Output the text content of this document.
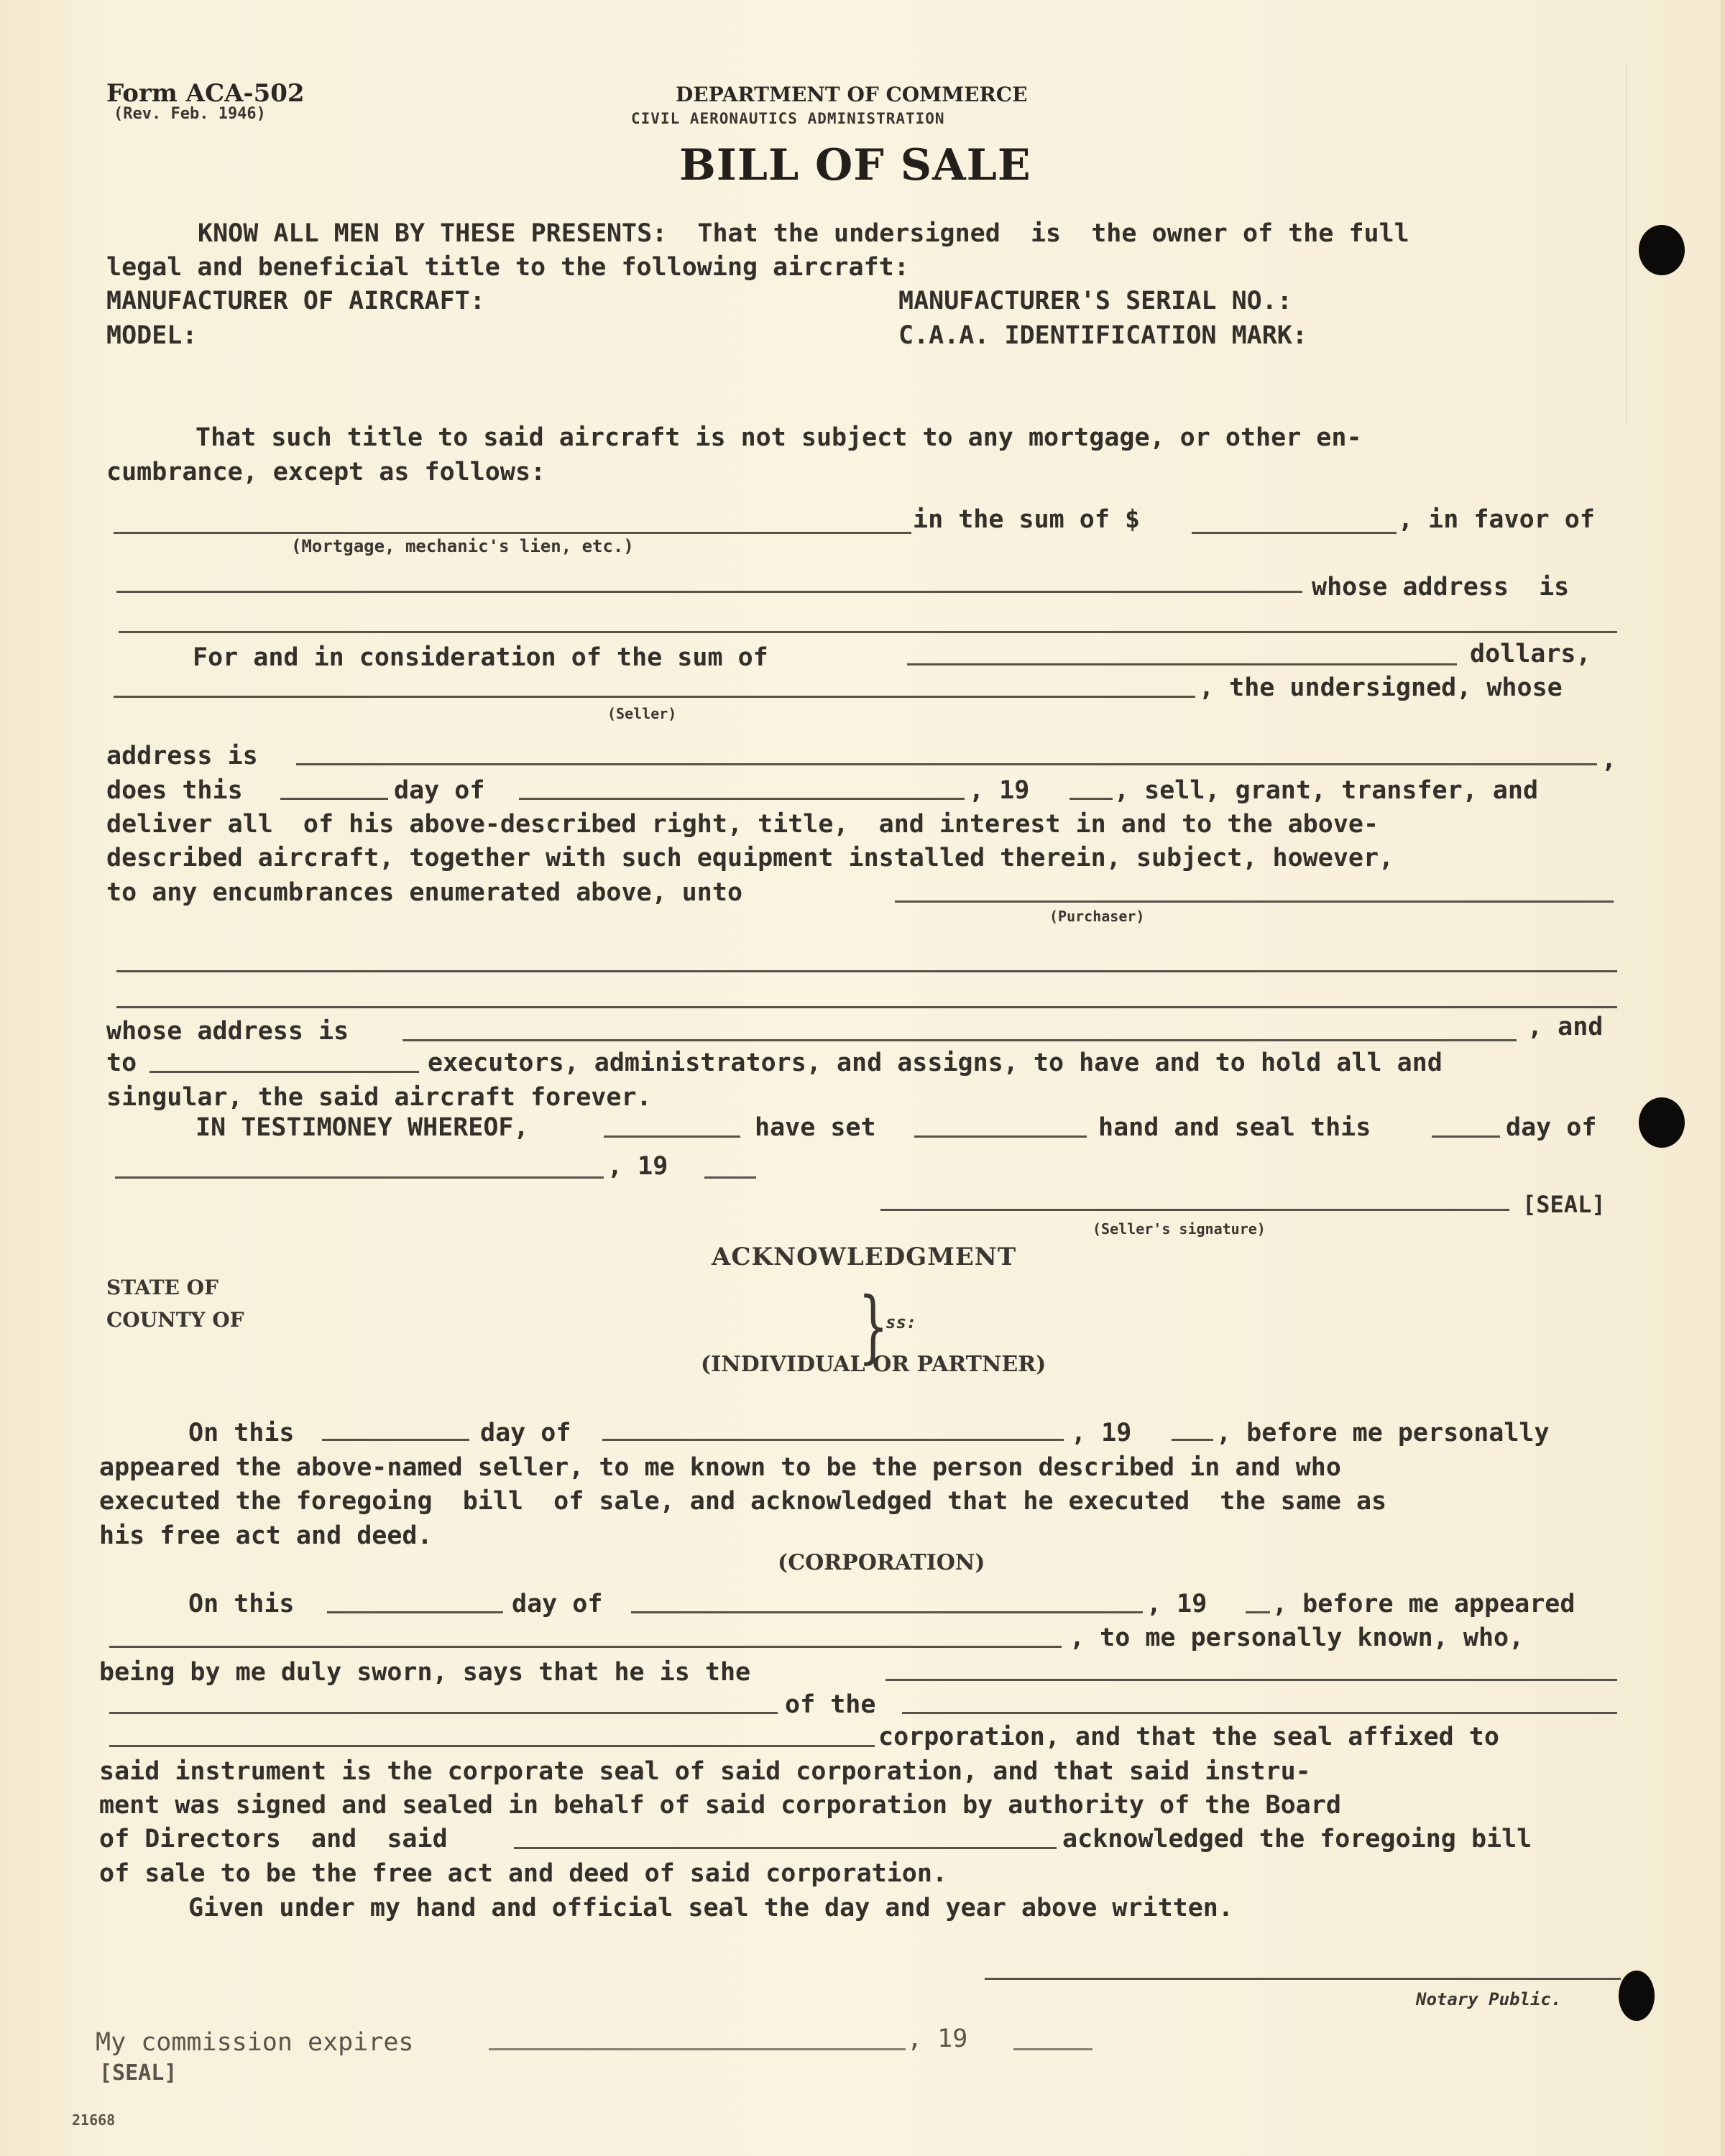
Form ACA-502
(Rev. Feb. 1946)
DEPARTMENT OF COMMERCE
CIVIL AERONAUTICS ADMINISTRATION
BILL OF SALE
KNOW ALL MEN BY THESE PRESENTS:  That the undersigned  is  the owner of the full
legal and beneficial title to the following aircraft:
MANUFACTURER OF AIRCRAFT:	MANUFACTURER'S SERIAL NO.:
MODEL:	C.A.A. IDENTIFICATION MARK:
That such title to said aircraft is not subject to any mortgage, or other en-
cumbrance, except as follows:
in the sum of $	, in favor of
(Mortgage, mechanic's lien, etc.)
whose address  is
For and in consideration of the sum of	dollars,
, the undersigned, whose
(Seller)
address is	,
does this	day of	, 19	, sell, grant, transfer, and
deliver all  of his above-described right, title,  and interest in and to the above-
described aircraft, together with such equipment installed therein, subject, however,
to any encumbrances enumerated above, unto
(Purchaser)
whose address is	, and
to	executors, administrators, and assigns, to have and to hold all and
singular, the said aircraft forever.
IN TESTIMONEY WHEREOF,	have set	hand and seal this	day of
, 19
[SEAL]
(Seller's signature)
ACKNOWLEDGMENT
STATE OF
COUNTY OF	}
ss:
(INDIVIDUAL OR PARTNER)
On this	day of	, 19	, before me personally
appeared the above-named seller, to me known to be the person described in and who
executed the foregoing  bill  of sale, and acknowledged that he executed  the same as
his free act and deed.
(CORPORATION)
On this	day of	, 19	, before me appeared
, to me personally known, who,
being by me duly sworn, says that he is the
of the
corporation, and that the seal affixed to
said instrument is the corporate seal of said corporation, and that said instru-
ment was signed and sealed in behalf of said corporation by authority of the Board
of Directors  and  said	acknowledged the foregoing bill
of sale to be the free act and deed of said corporation.
Given under my hand and official seal the day and year above written.
Notary Public.
My commission expires	, 19
[SEAL]
21668
